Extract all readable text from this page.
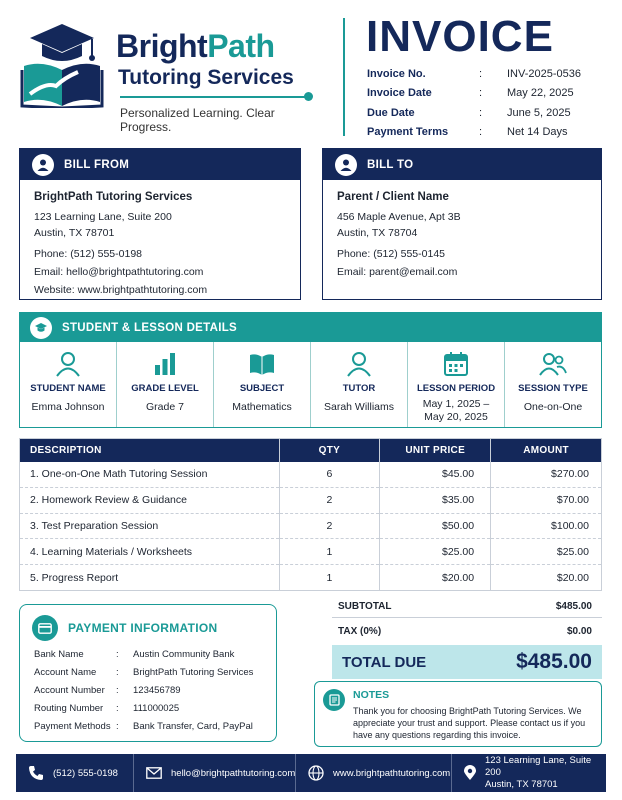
BrightPath
Tutoring Services
Personalized Learning. Clear Progress.
INVOICE
Invoice No.	:	INV-2025-0536
Invoice Date	:	May 22, 2025
Due Date	:	June 5, 2025
Payment Terms	:	Net 14 Days
BILL FROM
BrightPath Tutoring Services
123 Learning Lane, Suite 200
Austin, TX 78701
Phone: (512) 555-0198
Email: hello@brightpathtutoring.com
Website: www.brightpathtutoring.com
BILL TO
Parent / Client Name
456 Maple Avenue, Apt 3B
Austin, TX 78704
Phone: (512) 555-0145
Email: parent@email.com
STUDENT & LESSON DETAILS
STUDENT NAME
Emma Johnson
GRADE LEVEL
Grade 7
SUBJECT
Mathematics
TUTOR
Sarah Williams
LESSON PERIOD
May 1, 2025 –
May 20, 2025
SESSION TYPE
One-on-One
DESCRIPTION	QTY	UNIT PRICE	AMOUNT
1. One-on-One Math Tutoring Session	6	$45.00	$270.00
2. Homework Review & Guidance	2	$35.00	$70.00
3. Test Preparation Session	2	$50.00	$100.00
4. Learning Materials / Worksheets	1	$25.00	$25.00
5. Progress Report	1	$20.00	$20.00
PAYMENT INFORMATION
Bank Name	:	Austin Community Bank
Account Name	:	BrightPath Tutoring Services
Account Number	:	123456789
Routing Number	:	111000025
Payment Methods :	Bank Transfer, Card, PayPal
SUBTOTAL	$485.00
TAX (0%)	$0.00
TOTAL DUE	$485.00
NOTES
Thank you for choosing BrightPath Tutoring Services. We appreciate your trust and support. Please contact us if you have any questions regarding this invoice.
(512) 555-0198	hello@brightpathtutoring.com	www.brightpathtutoring.com
123 Learning Lane, Suite 200
Austin, TX 78701
